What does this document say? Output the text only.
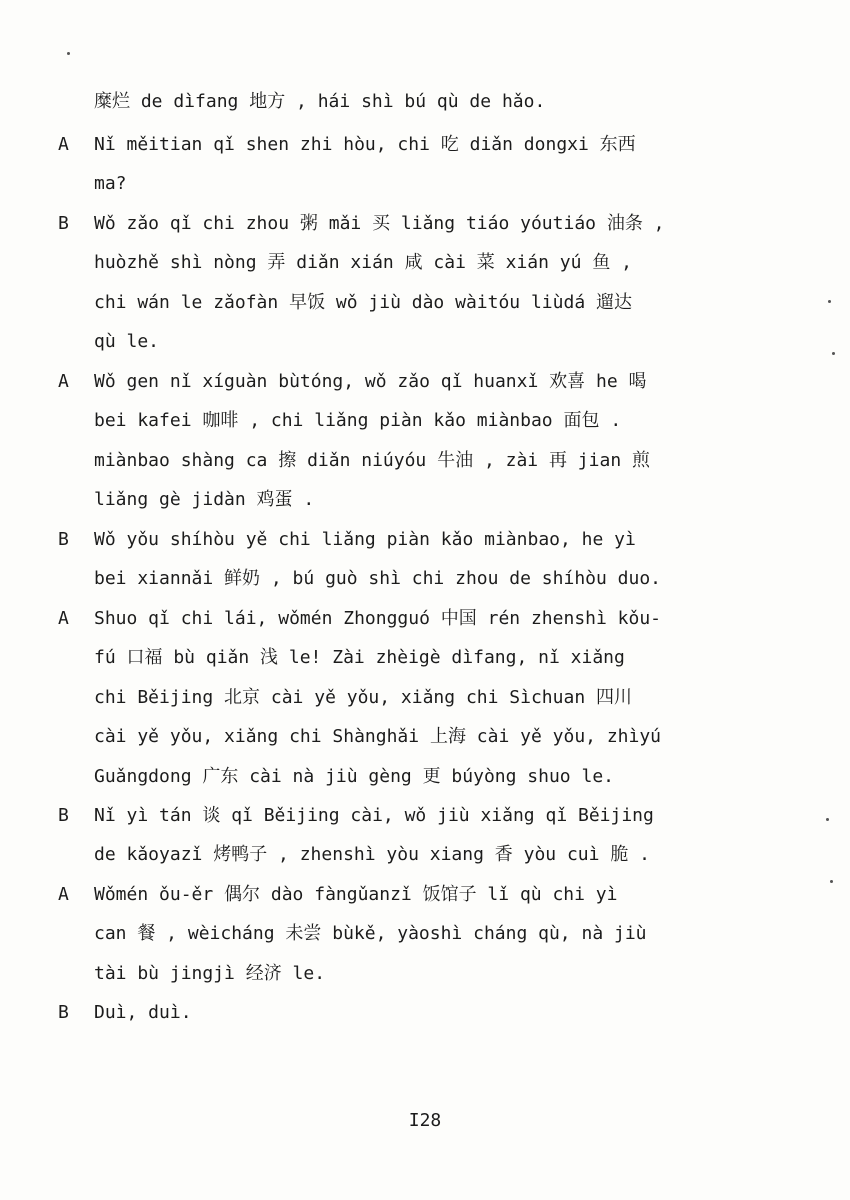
糜烂 de dìfang 地方 , hái shì bú qù de hǎo.
A Nǐ měitian qǐ shen zhi hòu, chi 吃 diǎn dongxi 东西
ma?
B Wǒ zǎo qǐ chi zhou 粥 mǎi 买 liǎng tiáo yóutiáo 油条 ,
huòzhě shì nòng 弄 diǎn xián 咸 cài 菜 xián yú 鱼 ,
chi wán le zǎofàn 早饭 wǒ jiù dào wàitóu liùdá 遛达
qù le.
A Wǒ gen nǐ xíguàn bùtóng, wǒ zǎo qǐ huanxǐ 欢喜 he 喝
bei kafei 咖啡 , chi liǎng piàn kǎo miànbao 面包 .
miànbao shàng ca 擦 diǎn niúyóu 牛油 , zài 再 jian 煎
liǎng gè jidàn 鸡蛋 .
B Wǒ yǒu shíhòu yě chi liǎng piàn kǎo miànbao, he yì
bei xiannǎi 鲜奶 , bú guò shì chi zhou de shíhòu duo.
A Shuo qǐ chi lái, wǒmén Zhongguó 中国 rén zhenshì kǒu-
fú 口福 bù qiǎn 浅 le! Zài zhèigè dìfang, nǐ xiǎng
chi Běijing 北京 cài yě yǒu, xiǎng chi Sìchuan 四川
cài yě yǒu, xiǎng chi Shànghǎi 上海 cài yě yǒu, zhìyú
Guǎngdong 广东 cài nà jiù gèng 更 búyòng shuo le.
B Nǐ yì tán 谈 qǐ Běijing cài, wǒ jiù xiǎng qǐ Běijing
de kǎoyazǐ 烤鸭子 , zhenshì yòu xiang 香 yòu cuì 脆 .
A Wǒmén ǒu-ěr 偶尔 dào fàngǔanzǐ 饭馆子 lǐ qù chi yì
can 餐 , wèicháng 未尝 bùkě, yàoshì cháng qù, nà jiù
tài bù jingjì 经济 le.
B Duì, duì.
I28
